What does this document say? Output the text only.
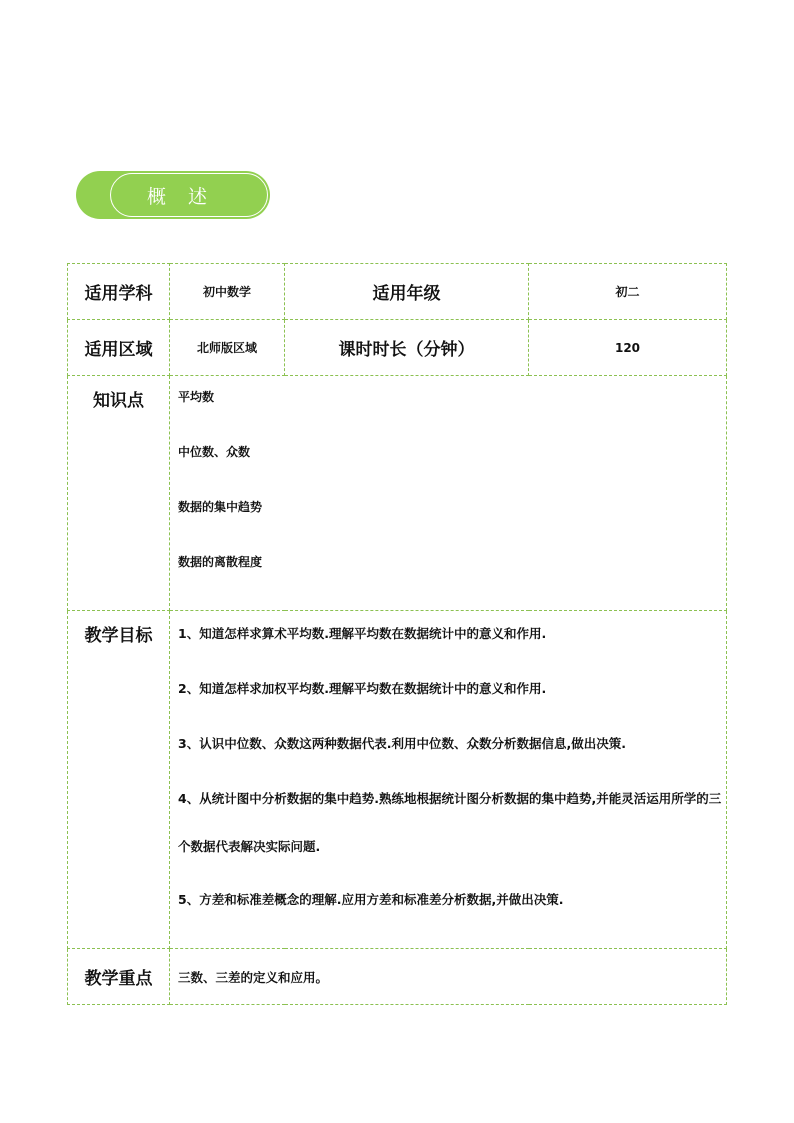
概 述
适用学科	初中数学	适用年级	初二
适用区域	北师版区域	课时时长（分钟）	120
知识点	平均数
中位数、众数
数据的集中趋势
数据的离散程度		

教学目标	1、知道怎样求算术平均数.理解平均数在数据统计中的意义和作用.
2、知道怎样求加权平均数.理解平均数在数据统计中的意义和作用.
3、认识中位数、众数这两种数据代表.利用中位数、众数分析数据信息,做出决策.
4、从统计图中分析数据的集中趋势.熟练地根据统计图分析数据的集中趋势,并能灵活运用所学的三个数据代表解决实际问题.
5、方差和标准差概念的理解.应用方差和标准差分析数据,并做出决策.		

教学重点	三数、三差的定义和应用。		
